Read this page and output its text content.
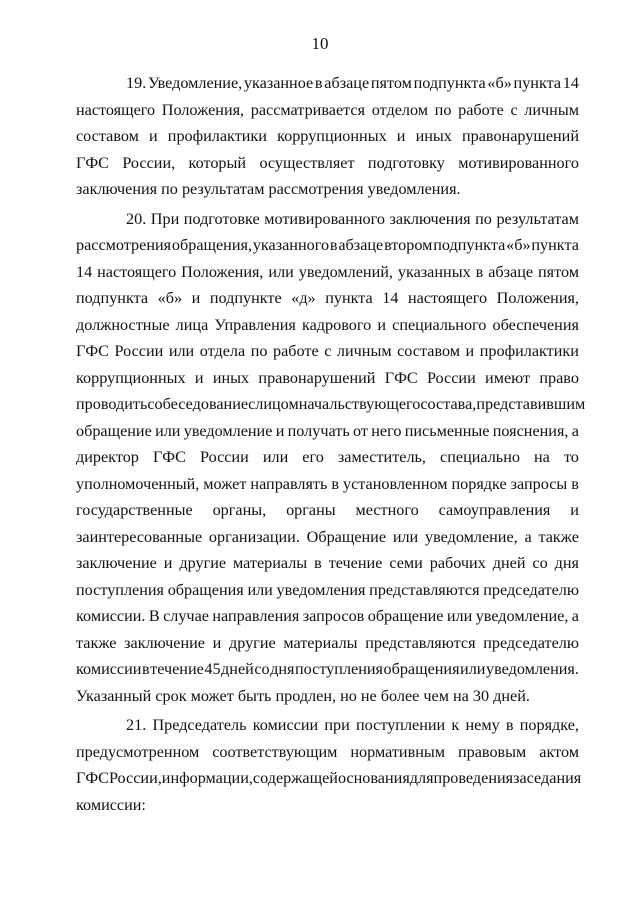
10
19. Уведомление, указанное в абзаце пятом подпункта «б» пункта 14
настоящего Положения, рассматривается отделом по работе с личным
составом и профилактики коррупционных и иных правонарушений
ГФС России, который осуществляет подготовку мотивированного
заключения по результатам рассмотрения уведомления.
20. При подготовке мотивированного заключения по результатам
рассмотрения обращения, указанного в абзаце втором подпункта «б» пункта
14 настоящего Положения, или уведомлений, указанных в абзаце пятом
подпункта «б» и подпункте «д» пункта 14 настоящего Положения,
должностные лица Управления кадрового и специального обеспечения
ГФС России или отдела по работе с личным составом и профилактики
коррупционных и иных правонарушений ГФС России имеют право
проводить собеседование с лицом начальствующего состава, представившим
обращение или уведомление и получать от него письменные пояснения, а
директор ГФС России или его заместитель, специально на то
уполномоченный, может направлять в установленном порядке запросы в
государственные органы, органы местного самоуправления и
заинтересованные организации. Обращение или уведомление, а также
заключение и другие материалы в течение семи рабочих дней со дня
поступления обращения или уведомления представляются председателю
комиссии. В случае направления запросов обращение или уведомление, а
также заключение и другие материалы представляются председателю
комиссии в течение 45 дней со дня поступления обращения или уведомления.
Указанный срок может быть продлен, но не более чем на 30 дней.
21. Председатель комиссии при поступлении к нему в порядке,
предусмотренном соответствующим нормативным правовым актом
ГФС России, информации, содержащей основания для проведения заседания
комиссии:
